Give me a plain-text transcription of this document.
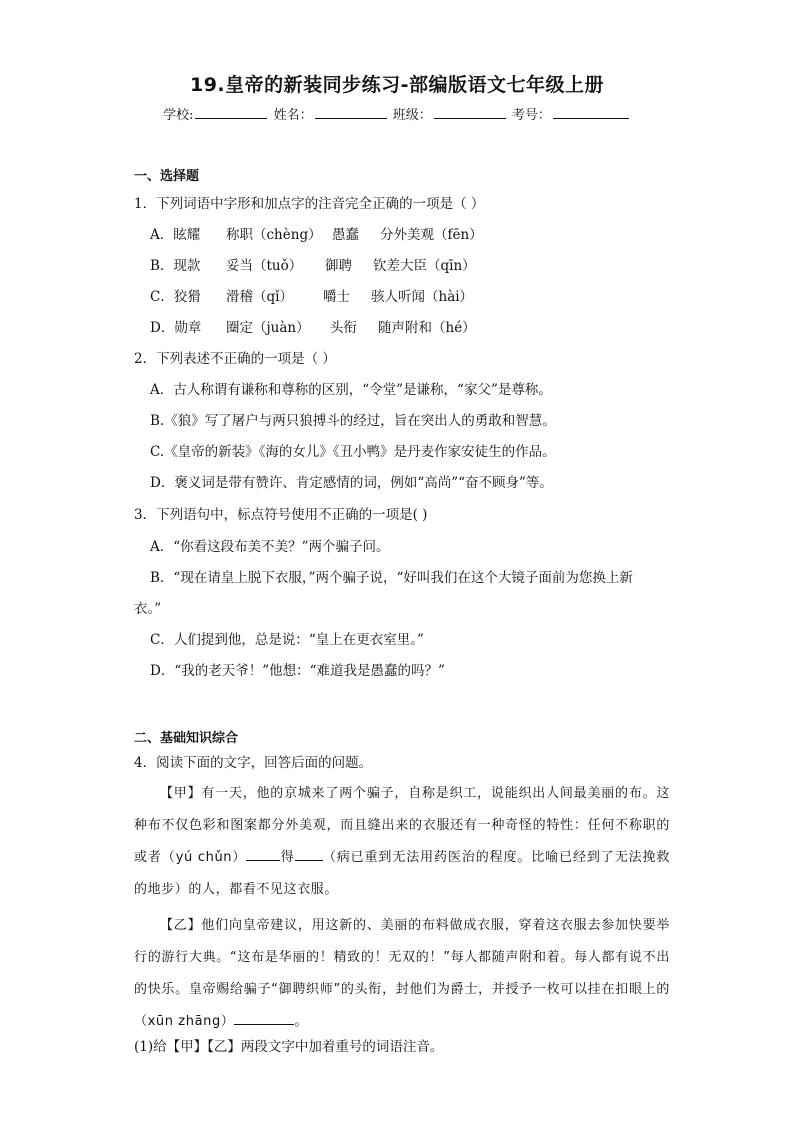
19.皇帝的新装同步练习-部编版语文七年级上册
学校:	姓名：	班级：	考号：
一、选择题
1．下列词语中字形和加点字的注音完全正确的一项是（ ）
A．眩耀 称职（chèng） 愚蠢 分外美观（fēn）
B．现款 妥当（tuǒ） 御聘 钦差大臣（qīn）
C．狡猾 滑稽（qǐ） 嚼士 骇人听闻（hài）
D．勋章 圈定（juàn） 头衔 随声附和（hé）
2．下列表述不正确的一项是（ ）
A．古人称谓有谦称和尊称的区别，“令堂”是谦称，“家父”是尊称。
B.《狼》写了屠户与两只狼搏斗的经过，旨在突出人的勇敢和智慧。
C.《皇帝的新装》《海的女儿》《丑小鸭》是丹麦作家安徒生的作品。
D．褒义词是带有赞许、肯定感情的词，例如“高尚”“奋不顾身”等。
3．下列语句中，标点符号使用不正确的一项是( )
A．“你看这段布美不美？”两个骗子问。
B．“现在请皇上脱下衣服，”两个骗子说，“好叫我们在这个大镜子面前为您换上新
衣。”
C．人们提到他，总是说：“皇上在更衣室里。”
D．“我的老天爷！”他想：“难道我是愚蠢的吗？”
二、基础知识综合
4．阅读下面的文字，回答后面的问题。

【甲】有一天，他的京城来了两个骗子，自称是织工，说能织出人间最美丽的布。这种布不仅色彩和图案都分外美观，而且缝出来的衣服还有一种奇怪的特性：任何不称职的或者（yú chǔn）	得 （病已重到无法用药医治的程度。比喻已经到了无法挽救的地步）的人，都看不见这衣服。

【乙】他们向皇帝建议，用这新的、美丽的布料做成衣服，穿着这衣服去参加快要举行的游行大典。“这布是华丽的！精致的！无双的！”每人都随声附和着。每人都有说不出的快乐。皇帝赐给骗子“御聘织师”的头衔，封他们为爵士，并授予一枚可以挂在扣眼上的（xūn zhāng）	。

(1)给【甲】【乙】两段文字中加着重号的词语注音。
